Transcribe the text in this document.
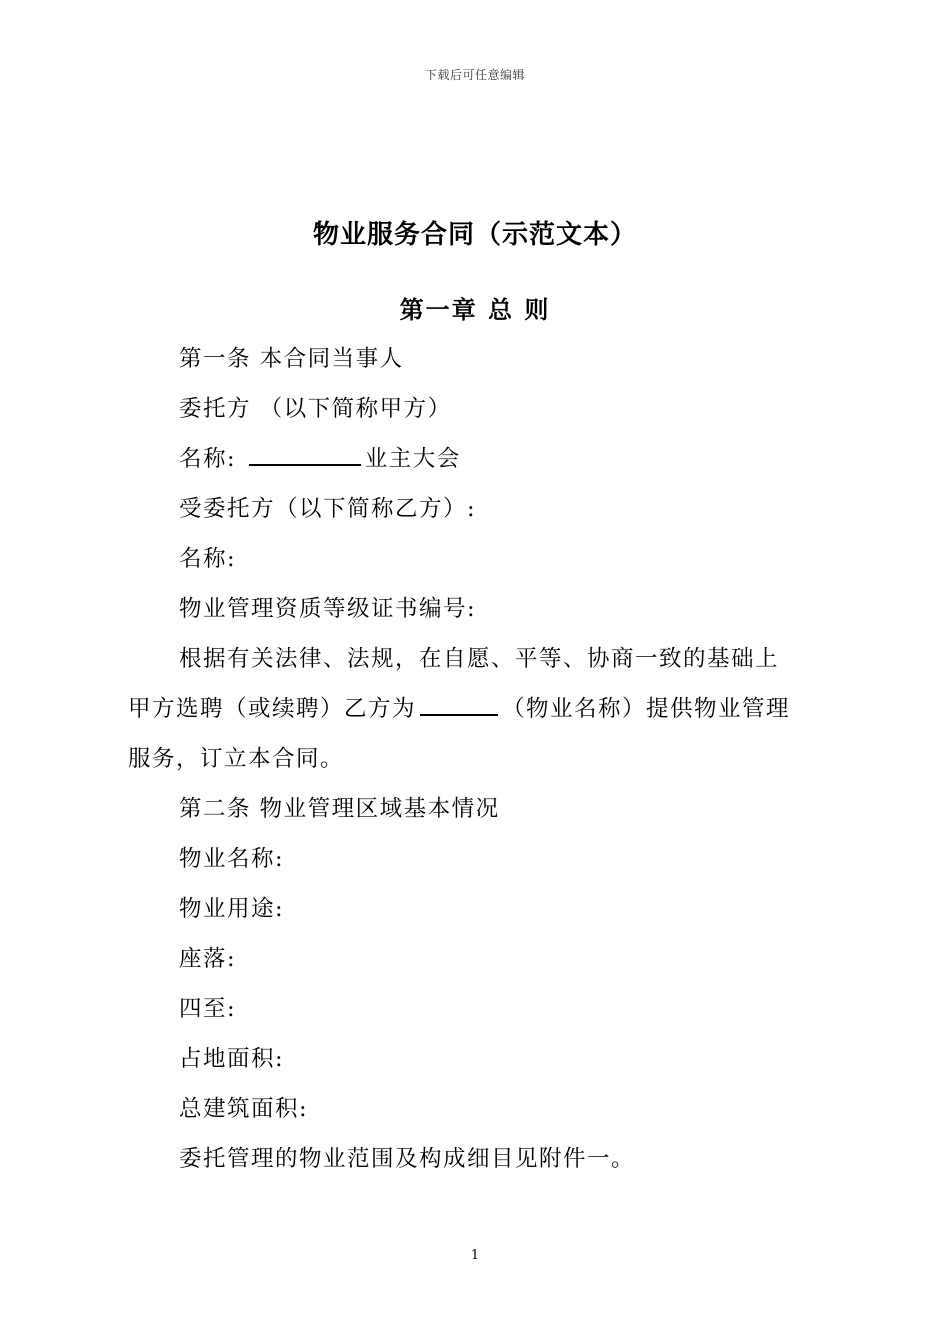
下载后可任意编辑
物业服务合同（示范文本）
第一章 总 则
第一条 本合同当事人
委托方 （以下简称甲方）
名称:	业主大会
受委托方（以下简称乙方）:
名称:
物业管理资质等级证书编号:
根据有关法律、法规，在自愿、平等、协商一致的基础上
甲方选聘（或续聘）乙方为	（物业名称）提供物业管理
服务，订立本合同。
第二条 物业管理区域基本情况
物业名称:
物业用途:
座落:
四至:
占地面积:
总建筑面积:
委托管理的物业范围及构成细目见附件一。
1
